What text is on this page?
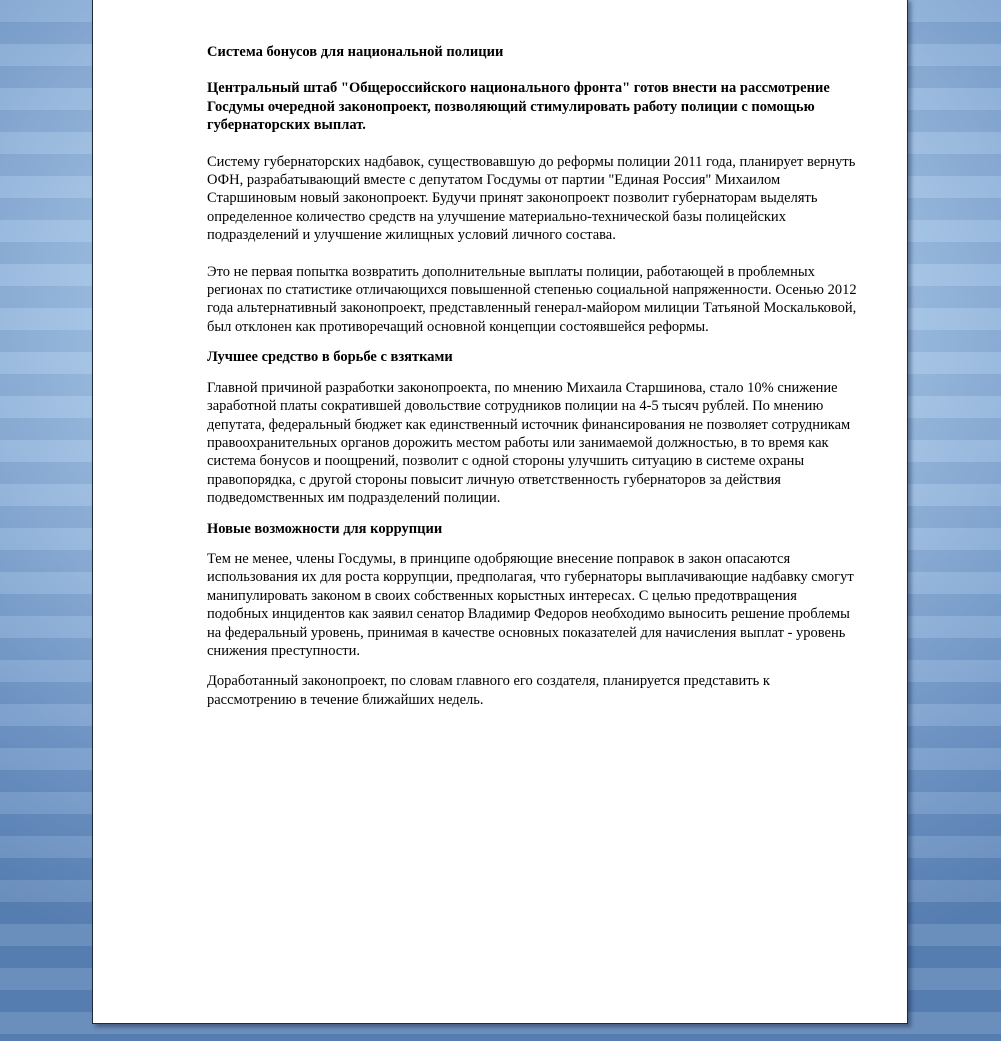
Система бонусов для национальной полиции

Центральный штаб "Общероссийского национального фронта" готов внести на рассмотрение Госдумы очередной законопроект, позволяющий стимулировать работу полиции с помощью губернаторских выплат.

Систему губернаторских надбавок, существовавшую до реформы полиции 2011 года, планирует вернуть ОФН, разрабатывающий вместе с депутатом Госдумы от партии "Единая Россия" Михаилом Старшиновым новый законопроект. Будучи принят законопроект позволит губернаторам выделять определенное количество средств на улучшение материально-технической базы полицейских подразделений и улучшение жилищных условий личного состава.

Это не первая попытка возвратить дополнительные выплаты полиции, работающей в проблемных регионах по статистике отличающихся повышенной степенью социальной напряженности. Осенью 2012 года альтернативный законопроект, представленный генерал-майором милиции Татьяной Москальковой, был отклонен как противоречащий основной концепции состоявшейся реформы.

Лучшее средство в борьбе с взятками

Главной причиной разработки законопроекта, по мнению Михаила Старшинова, стало 10% снижение заработной платы сократившей довольствие сотрудников полиции на 4-5 тысяч рублей. По мнению депутата, федеральный бюджет как единственный источник финансирования не позволяет сотрудникам правоохранительных органов дорожить местом работы или занимаемой должностью, в то время как система бонусов и поощрений, позволит с одной стороны улучшить ситуацию в системе охраны правопорядка, с другой стороны повысит личную ответственность губернаторов за действия подведомственных им подразделений полиции.

Новые возможности для коррупции

Тем не менее, члены Госдумы, в принципе одобряющие внесение поправок в закон опасаются использования их для роста коррупции, предполагая, что губернаторы выплачивающие надбавку смогут манипулировать законом в своих собственных корыстных интересах. С целью предотвращения подобных инцидентов как заявил сенатор Владимир Федоров необходимо выносить решение проблемы на федеральный уровень, принимая в качестве основных показателей для начисления выплат - уровень снижения преступности.

Доработанный законопроект, по словам главного его создателя, планируется представить к рассмотрению в течение ближайших недель.
